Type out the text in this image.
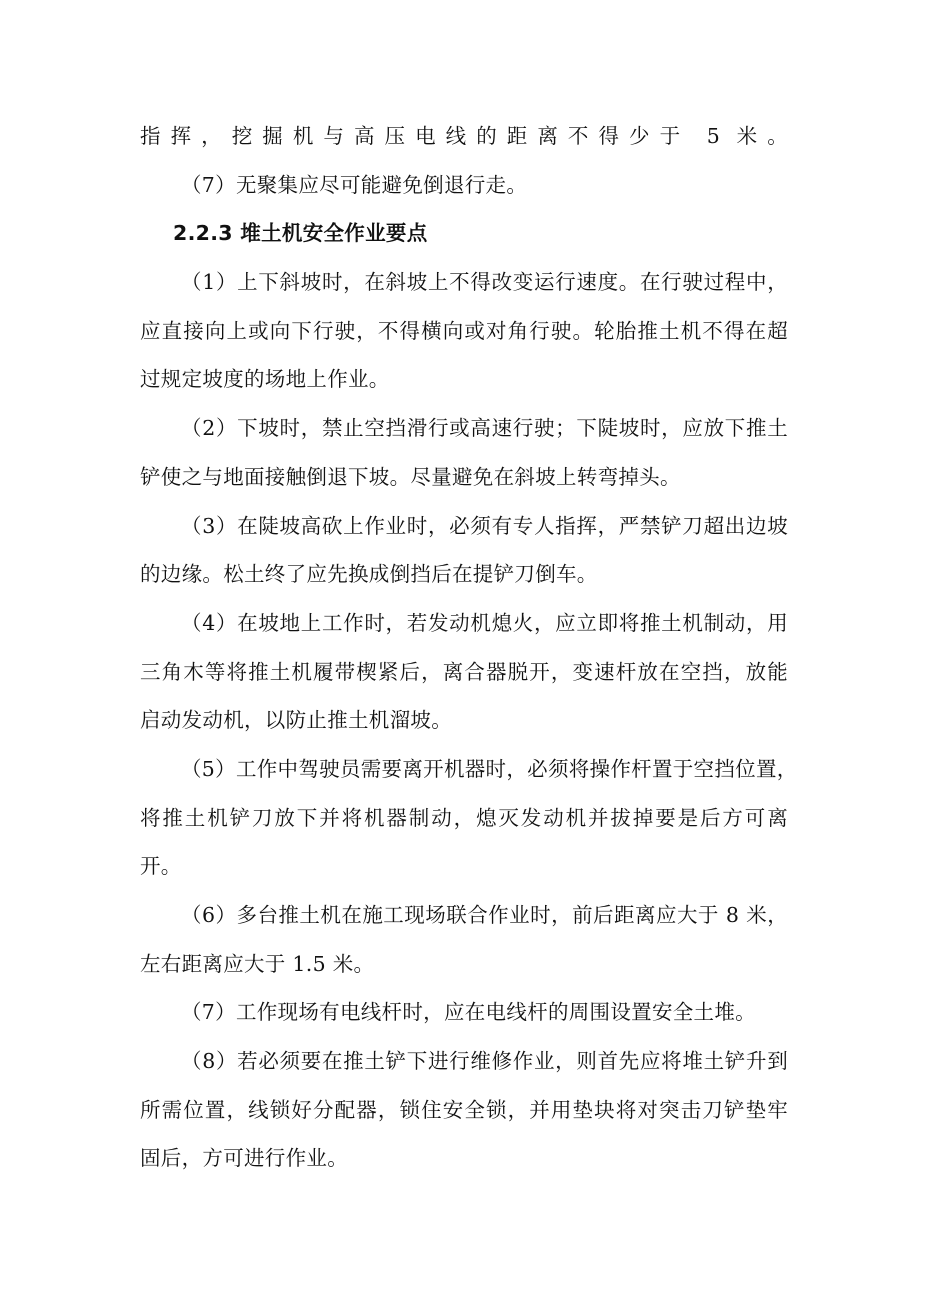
指挥，挖掘机与高压电线的距离不得少于 5 米。
（7）无聚集应尽可能避免倒退行走。
2.2.3 堆土机安全作业要点
（1）上下斜坡时，在斜坡上不得改变运行速度。在行驶过程中，
应直接向上或向下行驶，不得横向或对角行驶。轮胎推土机不得在超
过规定坡度的场地上作业。
（2）下坡时，禁止空挡滑行或高速行驶；下陡坡时，应放下推土
铲使之与地面接触倒退下坡。尽量避免在斜坡上转弯掉头。
（3）在陡坡高砍上作业时，必须有专人指挥，严禁铲刀超出边坡
的边缘。松土终了应先换成倒挡后在提铲刀倒车。
（4）在坡地上工作时，若发动机熄火，应立即将推土机制动，用
三角木等将推土机履带楔紧后，离合器脱开，变速杆放在空挡，放能
启动发动机，以防止推土机溜坡。
（5）工作中驾驶员需要离开机器时，必须将操作杆置于空挡位置，
将推土机铲刀放下并将机器制动，熄灭发动机并拔掉要是后方可离
开。
（6）多台推土机在施工现场联合作业时，前后距离应大于 8 米，
左右距离应大于 1.5 米。
（7）工作现场有电线杆时，应在电线杆的周围设置安全土堆。
（8）若必须要在推土铲下进行维修作业，则首先应将堆土铲升到
所需位置，线锁好分配器，锁住安全锁，并用垫块将对突击刀铲垫牢
固后，方可进行作业。
